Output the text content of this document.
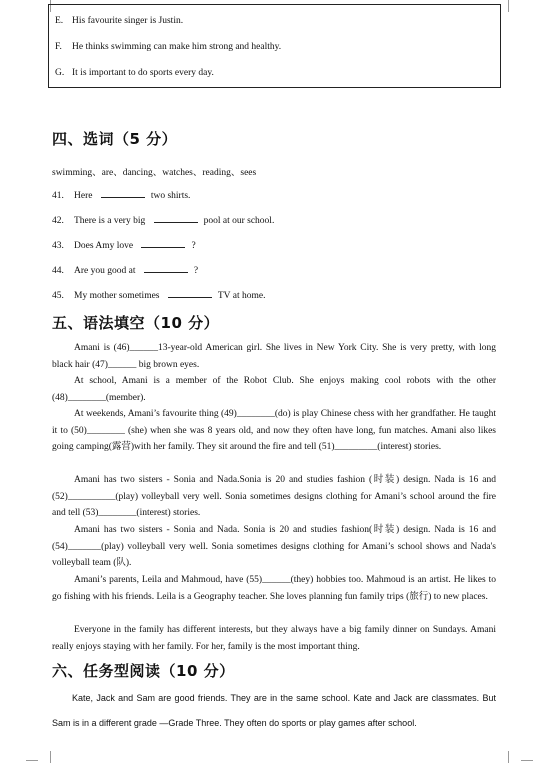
E. His favourite singer is Justin.
F. He thinks swimming can make him strong and healthy.
G. It is important to do sports every day.
四、选词（5 分）
swimming、are、dancing、watches、reading、sees
41. Here	two shirts.
42. There is a very big	pool at our school.
43. Does Amy love	?
44. Are you good at	?
45. My mother sometimes	TV at home.
五、语法填空（10 分）
Amani is (46)______13-year-old American girl. She lives in New York City. She is very pretty, with long black hair (47)______ big brown eyes.
At school, Amani is a member of the Robot Club. She enjoys making cool robots with the other (48)________(member).
At weekends, Amani’s favourite thing (49)________(do) is play Chinese chess with her grandfather. He taught it to (50)________ (she) when she was 8 years old, and now they often have long, fun matches. Amani also likes going camping(露营)with her family. They sit around the fire and tell (51)_________(interest) stories.
Amani has two sisters - Sonia and Nada.Sonia is 20 and studies fashion (时装) design. Nada is 16 and (52)__________(play) volleyball very well. Sonia sometimes designs clothing for Amani’s school around the fire and tell (53)________(interest) stories.
Amani has two sisters - Sonia and Nada. Sonia is 20 and studies fashion(时装) design. Nada is 16 and (54)_______(play) volleyball very well. Sonia sometimes designs clothing for Amani’s school shows and Nada's volleyball team (队).
Amani’s parents, Leila and Mahmoud, have (55)______(they) hobbies too. Mahmoud is an artist. He likes to go fishing with his friends. Leila is a Geography teacher. She loves planning fun family trips (旅行) to new places.
Everyone in the family has different interests, but they always have a big family dinner on Sundays. Amani really enjoys staying with her family. For her, family is the most important thing.
六、任务型阅读（10 分）
Kate, Jack and Sam are good friends. They are in the same school. Kate and Jack are classmates. But Sam is in a different grade —Grade Three. They often do sports or play games after school.
